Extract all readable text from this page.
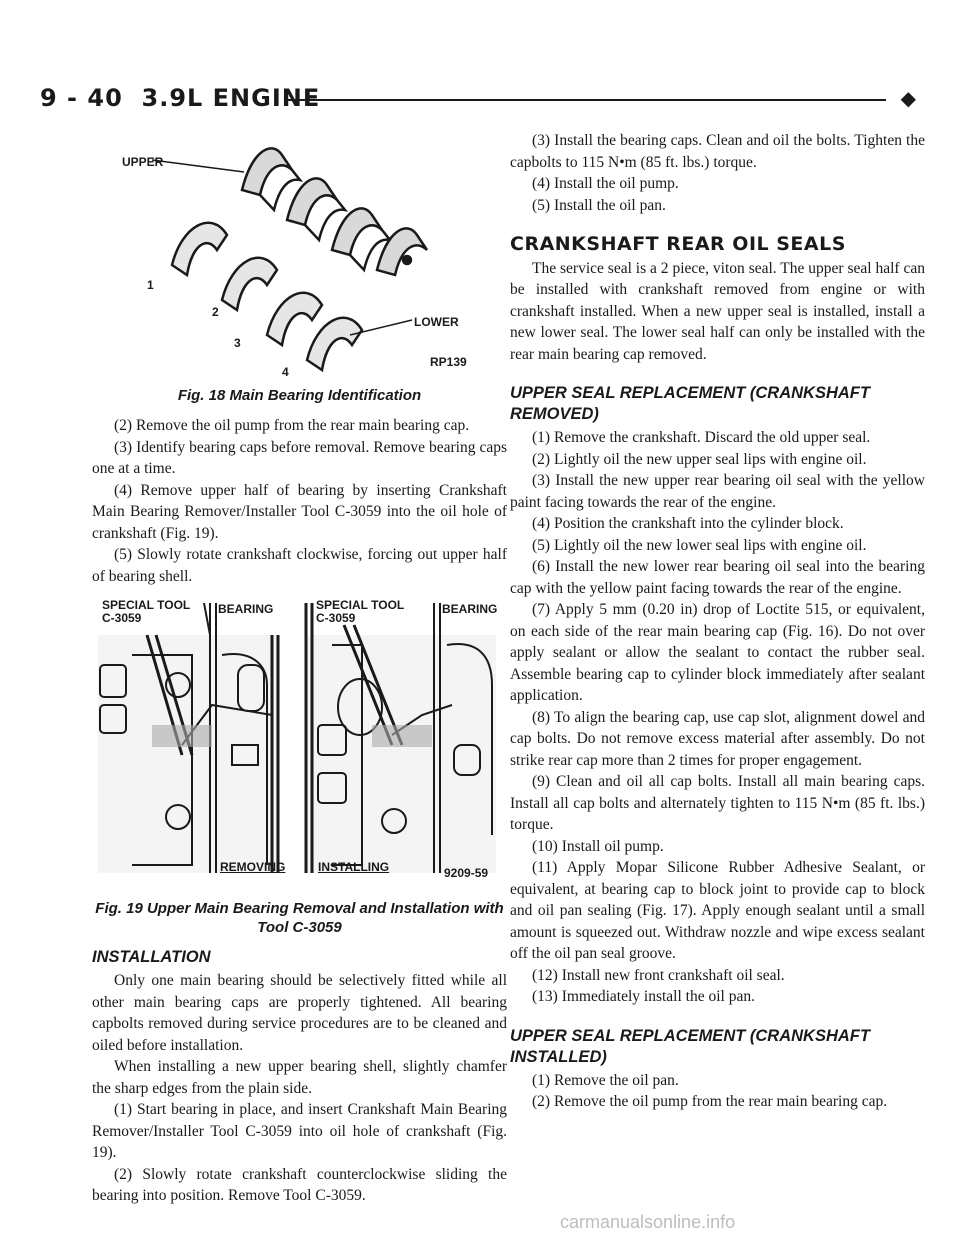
9 - 40 3.9L ENGINE	◆
UPPER
LOWER
1
2
3
4
RP139
Fig. 18 Main Bearing Identification

(2) Remove the oil pump from the rear main bearing cap.

(3) Identify bearing caps before removal. Remove bearing caps one at a time.

(4) Remove upper half of bearing by inserting Crankshaft Main Bearing Remover/Installer Tool C-3059 into the oil hole of crankshaft (Fig. 19).

(5) Slowly rotate crankshaft clockwise, forcing out upper half of bearing shell.

SPECIAL TOOL C-3059
BEARING	SPECIAL TOOL C-3059
BEARING
REMOVING	INSTALLING	9209-59
Fig. 19 Upper Main Bearing Removal and Installation with Tool C-3059
INSTALLATION

Only one main bearing should be selectively fitted while all other main bearing caps are properly tightened. All bearing capbolts removed during service procedures are to be cleaned and oiled before installation.

When installing a new upper bearing shell, slightly chamfer the sharp edges from the plain side.

(1) Start bearing in place, and insert Crankshaft Main Bearing Remover/Installer Tool C-3059 into oil hole of crankshaft (Fig. 19).

(2) Slowly rotate crankshaft counterclockwise sliding the bearing into position. Remove Tool C-3059.

(3) Install the bearing caps. Clean and oil the bolts. Tighten the capbolts to 115 N•m (85 ft. lbs.) torque.

(4) Install the oil pump.

(5) Install the oil pan.

CRANKSHAFT REAR OIL SEALS

The service seal is a 2 piece, viton seal. The upper seal half can be installed with crankshaft removed from engine or with crankshaft installed. When a new upper seal is installed, install a new lower seal. The lower seal half can only be installed with the rear main bearing cap removed.

UPPER SEAL REPLACEMENT (CRANKSHAFT REMOVED)

(1) Remove the crankshaft. Discard the old upper seal.

(2) Lightly oil the new upper seal lips with engine oil.

(3) Install the new upper rear bearing oil seal with the yellow paint facing towards the rear of the engine.

(4) Position the crankshaft into the cylinder block.

(5) Lightly oil the new lower seal lips with engine oil.

(6) Install the new lower rear bearing oil seal into the bearing cap with the yellow paint facing towards the rear of the engine.

(7) Apply 5 mm (0.20 in) drop of Loctite 515, or equivalent, on each side of the rear main bearing cap (Fig. 16). Do not over apply sealant or allow the sealant to contact the rubber seal. Assemble bearing cap to cylinder block immediately after sealant application.

(8) To align the bearing cap, use cap slot, alignment dowel and cap bolts. Do not remove excess material after assembly. Do not strike rear cap more than 2 times for proper engagement.

(9) Clean and oil all cap bolts. Install all main bearing caps. Install all cap bolts and alternately tighten to 115 N•m (85 ft. lbs.) torque.

(10) Install oil pump.

(11) Apply Mopar Silicone Rubber Adhesive Sealant, or equivalent, at bearing cap to block joint to provide cap to block and oil pan sealing (Fig. 17). Apply enough sealant until a small amount is squeezed out. Withdraw nozzle and wipe excess sealant off the oil pan seal groove.

(12) Install new front crankshaft oil seal.

(13) Immediately install the oil pan.

UPPER SEAL REPLACEMENT (CRANKSHAFT INSTALLED)

(1) Remove the oil pan.

(2) Remove the oil pump from the rear main bearing cap.

carmanualsonline.info
